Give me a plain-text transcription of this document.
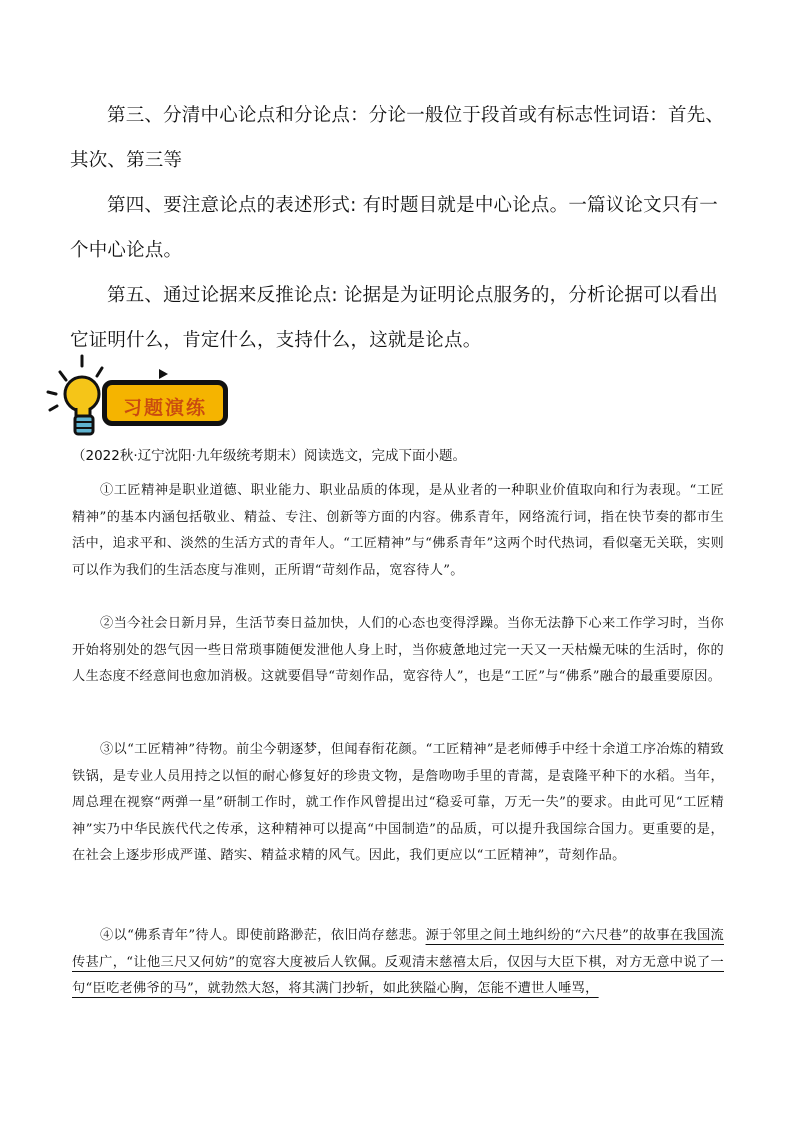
第三、分清中心论点和分论点：分论一般位于段首或有标志性词语：首先、其次、第三等

第四、要注意论点的表述形式: 有时题目就是中心论点。一篇议论文只有一个中心论点。

第五、通过论据来反推论点: 论据是为证明论点服务的，分析论据可以看出它证明什么，肯定什么，支持什么，这就是论点。

习题演练

（2022秋·辽宁沈阳·九年级统考期末）阅读选文，完成下面小题。

①工匠精神是职业道德、职业能力、职业品质的体现，是从业者的一种职业价值取向和行为表现。“工匠精神”的基本内涵包括敬业、精益、专注、创新等方面的内容。佛系青年，网络流行词，指在快节奏的都市生活中，追求平和、淡然的生活方式的青年人。“工匠精神”与“佛系青年”这两个时代热词，看似毫无关联，实则可以作为我们的生活态度与准则，正所谓“苛刻作品，宽容待人”。

②当今社会日新月异，生活节奏日益加快，人们的心态也变得浮躁。当你无法静下心来工作学习时，当你开始将别处的怨气因一些日常琐事随便发泄他人身上时，当你疲惫地过完一天又一天枯燥无味的生活时，你的人生态度不经意间也愈加消极。这就要倡导“苛刻作品，宽容待人”，也是“工匠”与“佛系”融合的最重要原因。

③以“工匠精神”待物。前尘今朝逐梦，但闻春衔花颜。“工匠精神”是老师傅手中经十余道工序冶炼的精致铁锅，是专业人员用持之以恒的耐心修复好的珍贵文物，是詹吻吻手里的青蒿，是袁隆平种下的水稻。当年，周总理在视察“两弹一星”研制工作时，就工作作风曾提出过“稳妥可靠，万无一失”的要求。由此可见“工匠精神”实乃中华民族代代之传承，这种精神可以提高“中国制造”的品质，可以提升我国综合国力。更重要的是，在社会上逐步形成严谨、踏实、精益求精的风气。因此，我们更应以“工匠精神”，苛刻作品。

④以“佛系青年”待人。即使前路渺茫，依旧尚存慈悲。源于邻里之间土地纠纷的“六尺巷”的故事在我国流传甚广，“让他三尺又何妨”的宽容大度被后人钦佩。反观清末慈禧太后，仅因与大臣下棋，对方无意中说了一句“臣吃老佛爷的马”，就勃然大怒，将其满门抄斩，如此狭隘心胸，怎能不遭世人唾骂，
